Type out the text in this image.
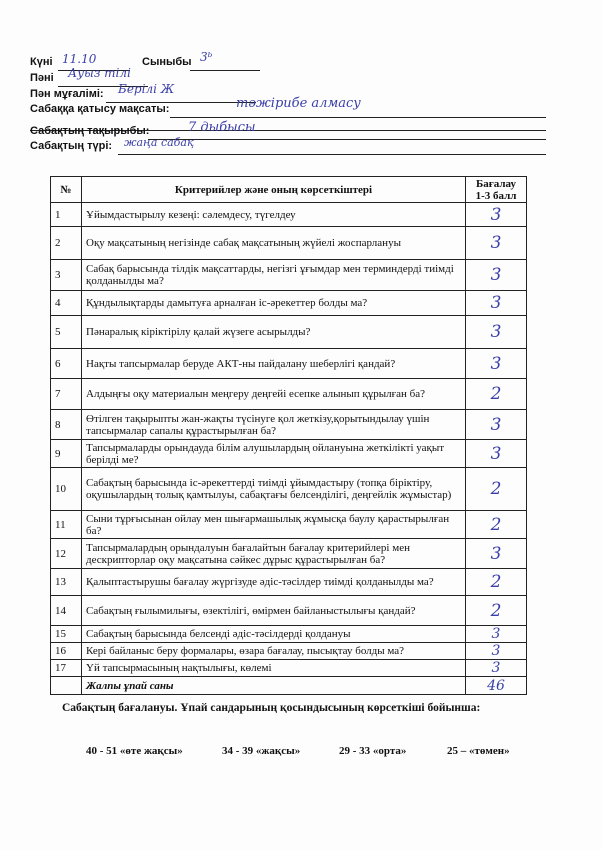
Күні 11.10	Сыныбы 3ᵇ
Пәні Ауыз тілі
Пән мұғалімі: Берілі Ж
Сабаққа қатысу мақсаты:	тәжірибе алмасу
Сабақтың тақырыбы:	7 дыбысы
Сабақтың түрі: жаңа сабақ
№	Критерийлер және оның көрсеткіштері	Бағалау
1-3 балл
1	Ұйымдастырылу кезеңі: сәлемдесу, түгелдеу	3
2	Оқу мақсатының негізінде сабақ мақсатының жүйелі жоспарлануы	3
3	Сабақ барысында тілдік мақсаттарды, негізгі ұғымдар мен терминдерді тиімді қолданылды ма?	3
4	Құндылықтарды дамытуға арналған іс-әрекеттер болды ма?	3
5	Пәнаралық кіріктірілу қалай жүзеге асырылды?	3
6	Нақты тапсырмалар беруде АКТ-ны пайдалану шеберлігі қандай?	3
7	Алдыңғы оқу материалын меңгеру деңгейі есепке алынып құрылған ба?	2
8	Өтілген тақырыпты жан-жақты түсінуге қол жеткізу,қорытындылау үшін тапсырмалар сапалы құрастырылған ба?	3
9	Тапсырмаларды орындауда білім алушылардың ойлануына жеткілікті уақыт берілді ме?	3
10	Сабақтың барысында іс-әрекеттерді тиімді ұйымдастыру (топқа біріктіру, оқушылардың толық қамтылуы, сабақтағы белсенділігі, деңгейлік жұмыстар)	2
11	Сыни тұрғысынан ойлау мен шығармашылық жұмысқа баулу қарастырылған ба?	2
12	Тапсырмалардың орындалуын бағалайтын бағалау критерийлері мен дескрипторлар оқу мақсатына сәйкес дұрыс құрастырылған ба?	3
13	Қалыптастырушы бағалау жүргізуде әдіс-тәсілдер тиімді қолданылды ма?	2
14	Сабақтың ғылымилығы, өзектілігі, өмірмен байланыстылығы қандай?	2
15	Сабақтың барысында белсенді әдіс-тәсілдерді қолдануы	3
16	Кері байланыс беру формалары, өзара бағалау, пысықтау болды ма?	3
17	Үй тапсырмасының нақтылығы, көлемі	3
	Жалпы ұпай саны	46
Сабақтың бағалануы. Ұпай сандарының қосындысының көрсеткіші бойынша:
40 - 51 «өте жақсы»	34 - 39 «жақсы»	29 - 33 «орта»	25 – «төмен»
